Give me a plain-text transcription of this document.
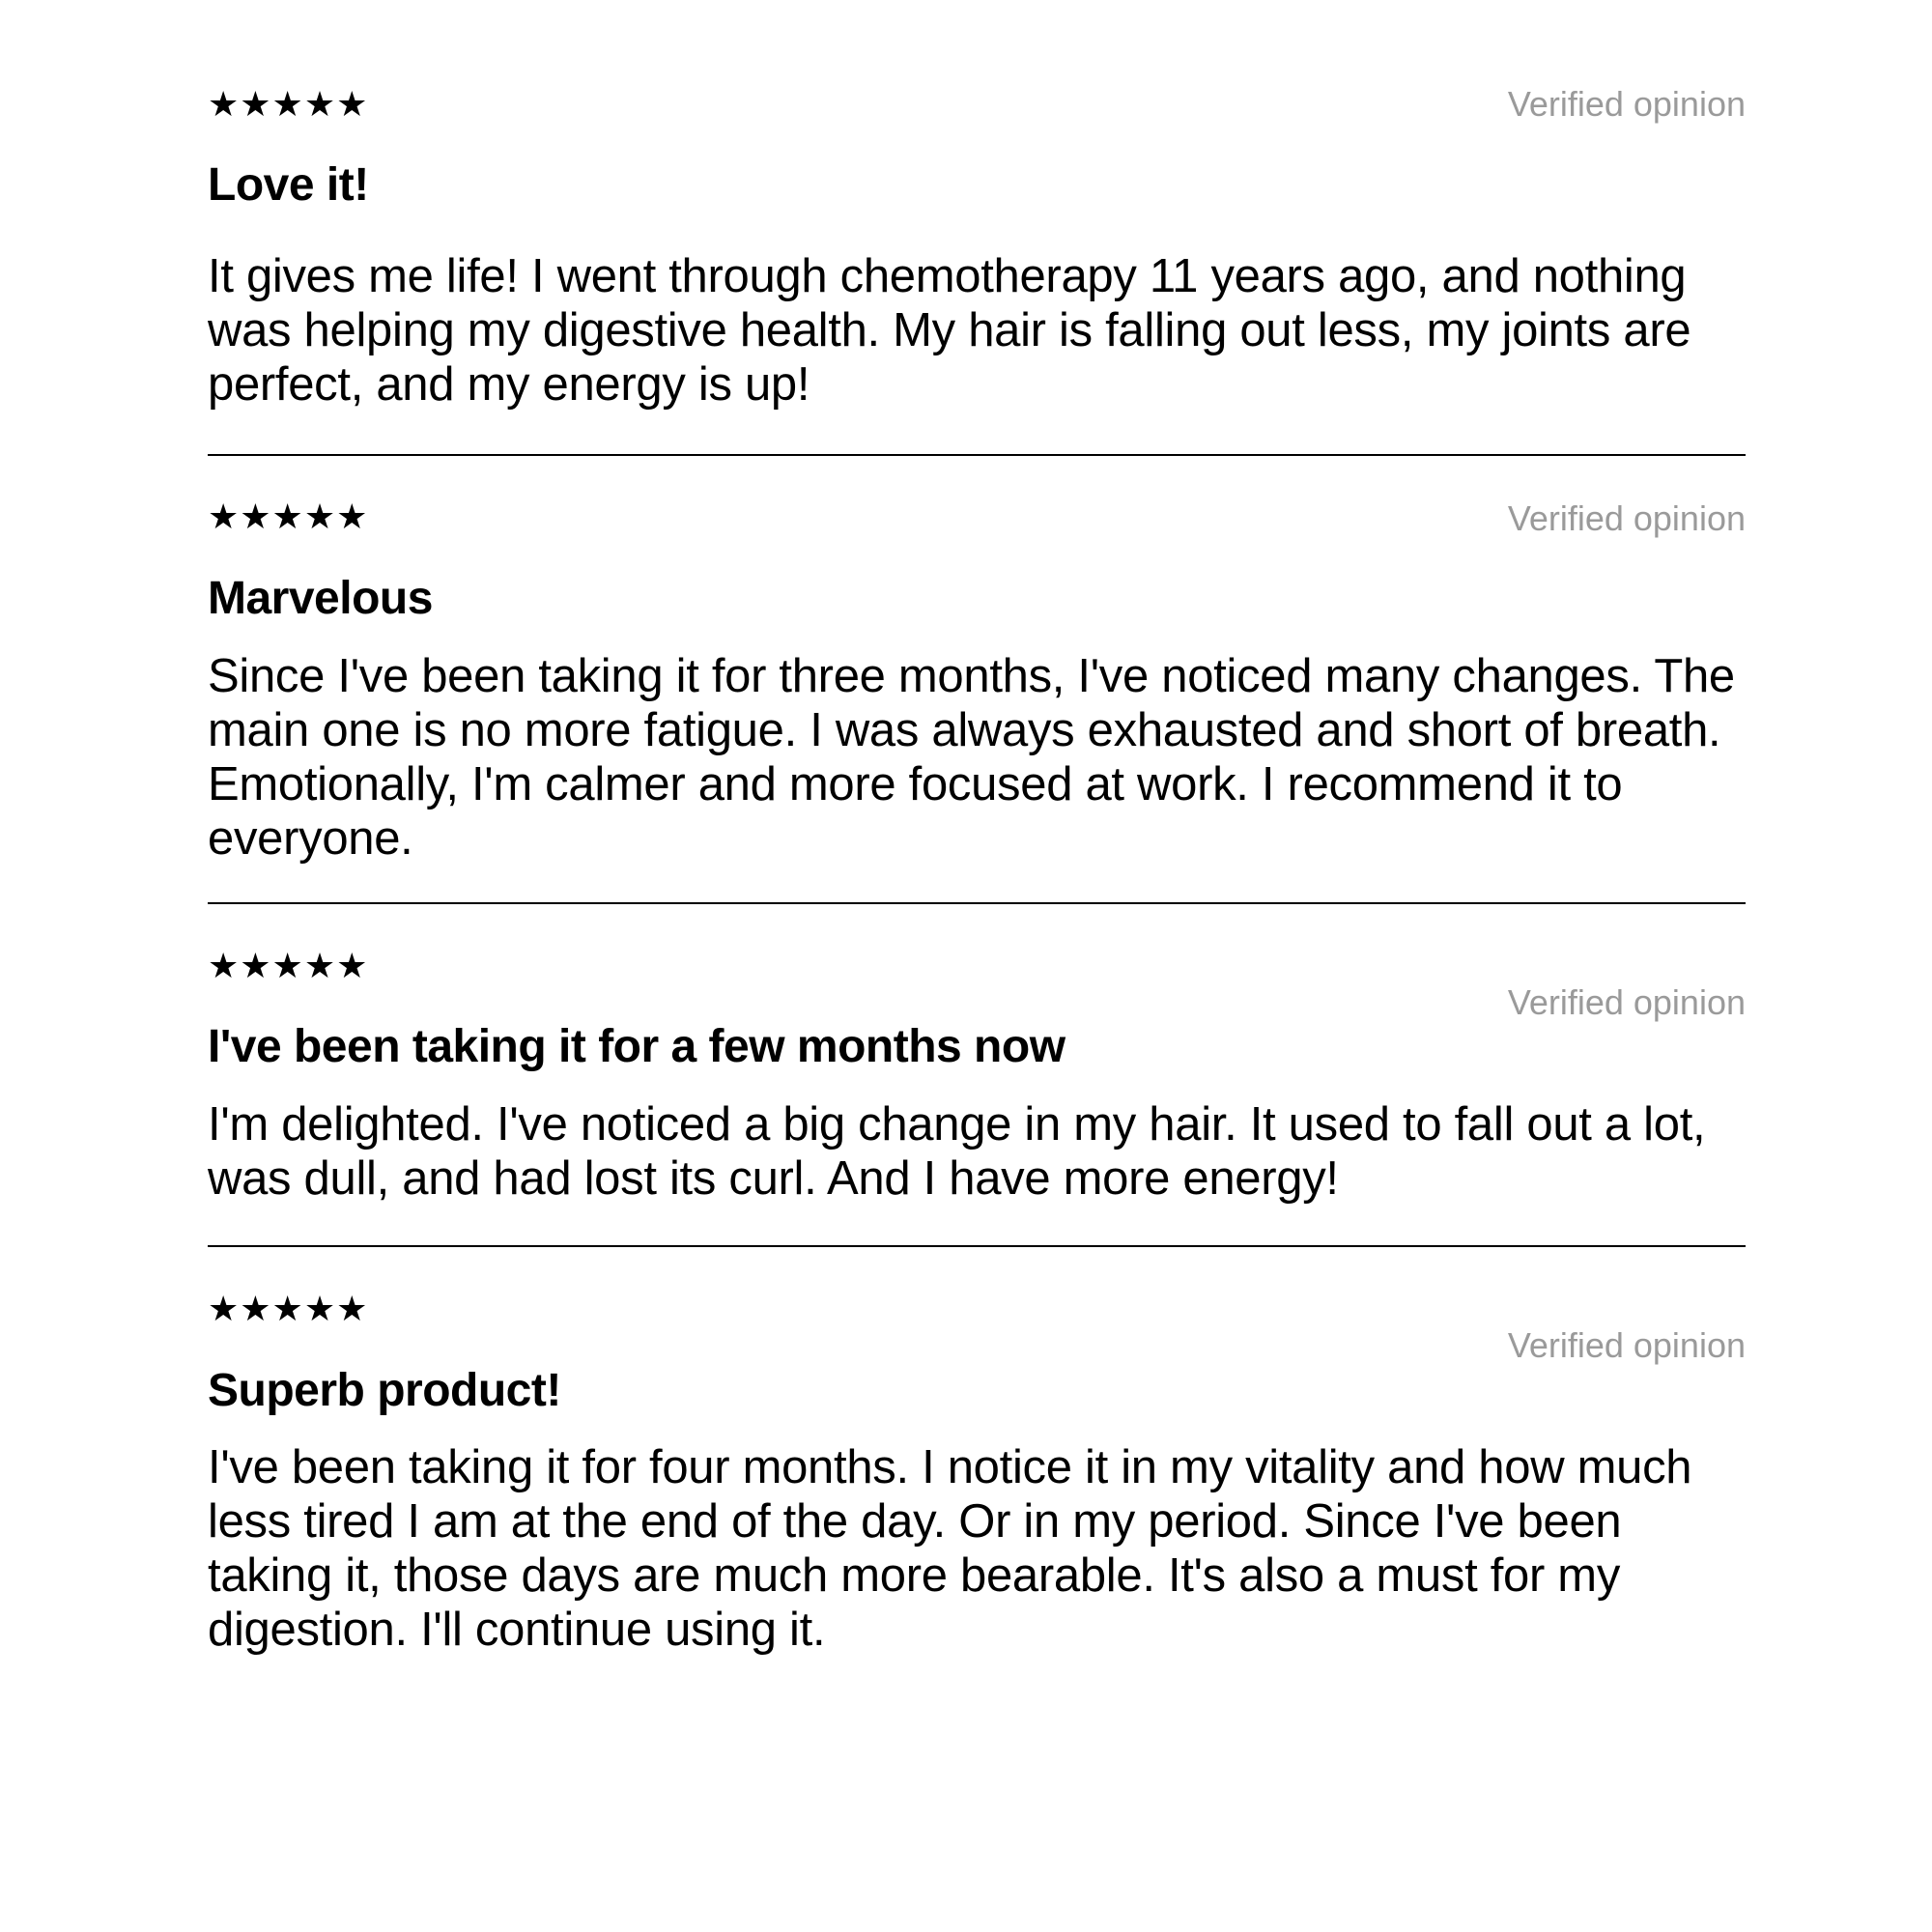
★★★★★	Verified opinion
Love it!
It gives me life! I went through chemotherapy 11 years ago, and nothing was helping my digestive health. My hair is falling out less, my joints are perfect, and my energy is up!
★★★★★	Verified opinion
Marvelous
Since I've been taking it for three months, I've noticed many changes. The main one is no more fatigue. I was always exhausted and short of breath. Emotionally, I'm calmer and more focused at work. I recommend it to everyone.
★★★★★
Verified opinion
I've been taking it for a few months now
I'm delighted. I've noticed a big change in my hair. It used to fall out a lot, was dull, and had lost its curl. And I have more energy!
★★★★★
Verified opinion
Superb product!
I've been taking it for four months. I notice it in my vitality and how much less tired I am at the end of the day. Or in my period. Since I've been taking it, those days are much more bearable. It's also a must for my digestion. I'll continue using it.
